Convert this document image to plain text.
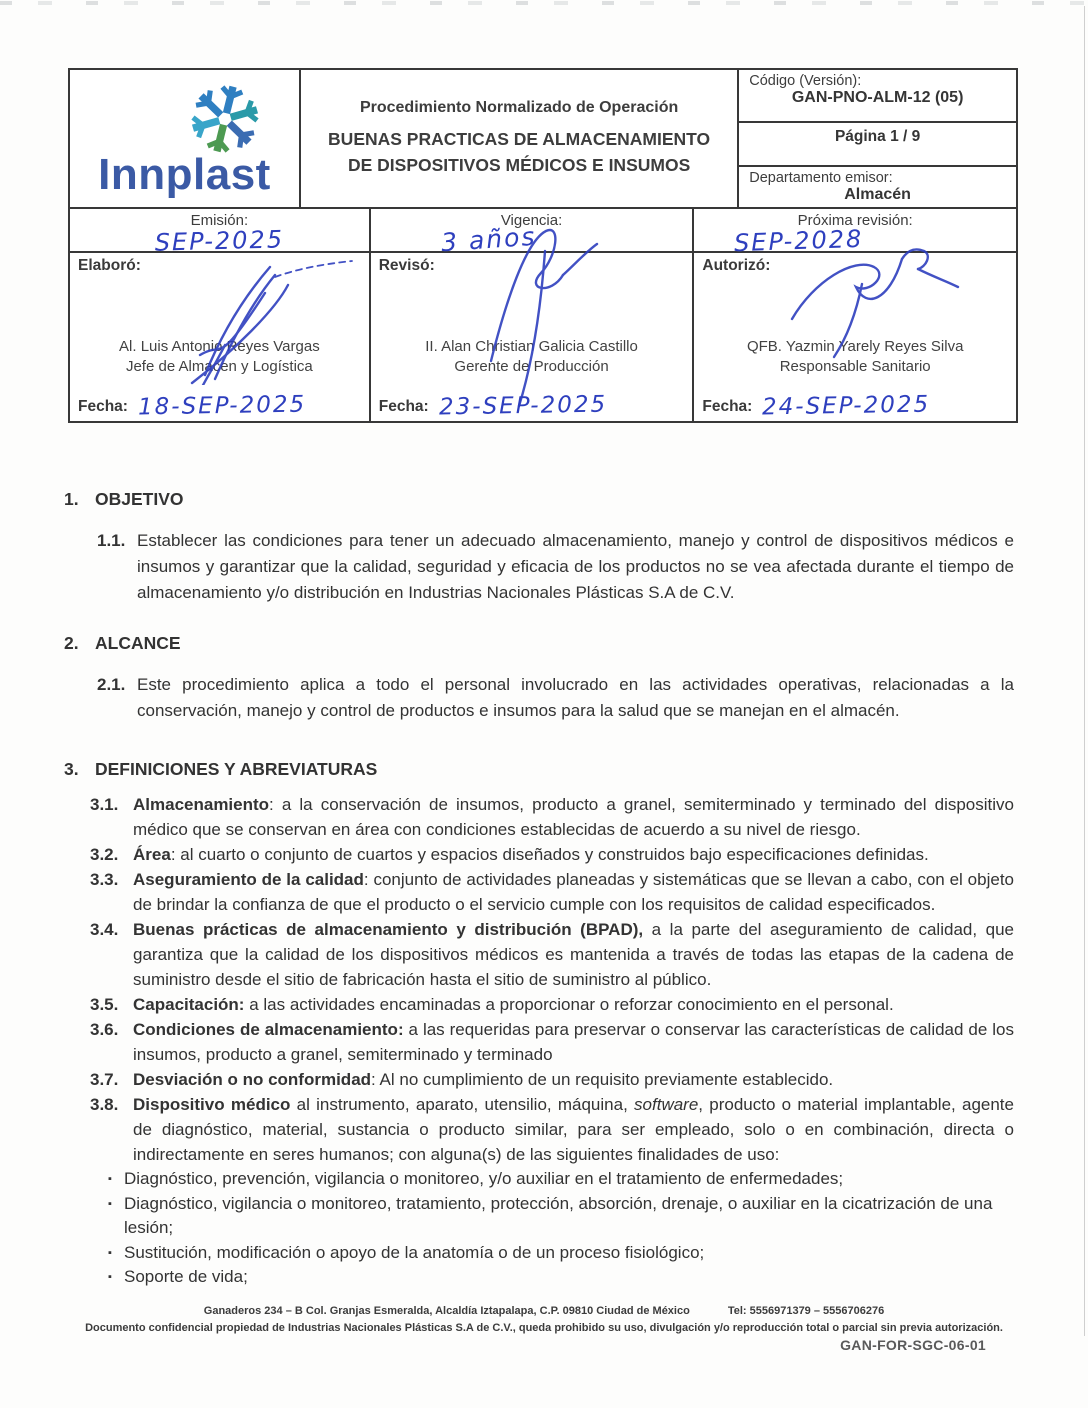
Innplast
Procedimiento Normalizado de Operación
BUENAS PRACTICAS DE ALMACENAMIENTO DE DISPOSITIVOS MÉDICOS E INSUMOS
Código (Versión):
GAN-PNO-ALM-12 (05)
Página 1 / 9
Departamento emisor:
Almacén
Emisión:
SEP-2025
Vigencia:
3 años
Próxima revisión:
SEP-2028
Elaboró:
Al. Luis Antonio Reyes Vargas
Jefe de Almacen y Logística
Fecha: 18-SEP-2025
Revisó:
II. Alan Christian Galicia Castillo
Gerente de Producción
Fecha: 23-SEP-2025
Autorizó:
QFB. Yazmin Yarely Reyes Silva
Responsable Sanitario
Fecha: 24-SEP-2025
1. OBJETIVO
1.1. Establecer las condiciones para tener un adecuado almacenamiento, manejo y control de dispositivos médicos e insumos y garantizar que la calidad, seguridad y eficacia de los productos no se vea afectada durante el tiempo de almacenamiento y/o distribución en Industrias Nacionales Plásticas S.A de C.V.
2. ALCANCE
2.1. Este procedimiento aplica a todo el personal involucrado en las actividades operativas, relacionadas a la conservación, manejo y control de productos e insumos para la salud que se manejan en el almacén.
3. DEFINICIONES Y ABREVIATURAS
3.1. Almacenamiento: a la conservación de insumos, producto a granel, semiterminado y terminado del dispositivo médico que se conservan en área con condiciones establecidas de acuerdo a su nivel de riesgo.
3.2. Área: al cuarto o conjunto de cuartos y espacios diseñados y construidos bajo especificaciones definidas.
3.3. Aseguramiento de la calidad: conjunto de actividades planeadas y sistemáticas que se llevan a cabo, con el objeto de brindar la confianza de que el producto o el servicio cumple con los requisitos de calidad especificados.
3.4. Buenas prácticas de almacenamiento y distribución (BPAD), a la parte del aseguramiento de calidad, que garantiza que la calidad de los dispositivos médicos es mantenida a través de todas las etapas de la cadena de suministro desde el sitio de fabricación hasta el sitio de suministro al público.
3.5. Capacitación: a las actividades encaminadas a proporcionar o reforzar conocimiento en el personal.
3.6. Condiciones de almacenamiento: a las requeridas para preservar o conservar las características de calidad de los insumos, producto a granel, semiterminado y terminado
3.7. Desviación o no conformidad: Al no cumplimiento de un requisito previamente establecido.
3.8. Dispositivo médico al instrumento, aparato, utensilio, máquina, software, producto o material implantable, agente de diagnóstico, material, sustancia o producto similar, para ser empleado, solo o en combinación, directa o indirectamente en seres humanos; con alguna(s) de las siguientes finalidades de uso:
▪ Diagnóstico, prevención, vigilancia o monitoreo, y/o auxiliar en el tratamiento de enfermedades;
▪ Diagnóstico, vigilancia o monitoreo, tratamiento, protección, absorción, drenaje, o auxiliar en la cicatrización de una lesión;
▪ Sustitución, modificación o apoyo de la anatomía o de un proceso fisiológico;
▪ Soporte de vida;
Ganaderos 234 – B Col. Granjas Esmeralda, Alcaldía Iztapalapa, C.P. 09810 Ciudad de México	Tel: 5556971379 – 5556706276
Documento confidencial propiedad de Industrias Nacionales Plásticas S.A de C.V., queda prohibido su uso, divulgación y/o reproducción total o parcial sin previa autorización.
GAN-FOR-SGC-06-01
